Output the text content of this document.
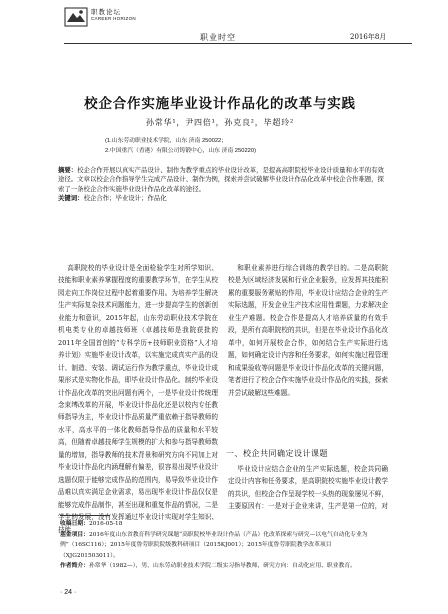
职教论坛
CAREER HORIZON
职业时空	2016年8月
校企合作实施毕业设计作品化的改革与实践
孙常华¹，尹四倍¹，孙克良²，毕超玲²
(1.山东劳动职业技术学院，山东 济南 250022；
2.中国重汽（香港）有限公司铸锻中心，山东 济南 250220)
摘要：校企合作开展以真实产品设计、制作为教学重点的毕业设计改革，是提高高职院校毕业设计质量和水平的有效途径。文章以校企合作指导学生完成产品设计、制作为例，探索并尝试破解毕业设计作品化改革中校企合作难题，探索了一条校企合作实施毕业设计作品化改革的途径。
关键词：校企合作；毕业设计；作品化

高职院校的毕业设计是全面检验学生对所学知识、技能和职业素养掌握程度的重要教学环节，在学生从校园走向工作岗位过程中起着重要作用。为培养学生解决生产实际复杂技术问题能力，进一步提高学生的创新创业能力和意识，2015年起，山东劳动职业技术学院在机电类专业的卓越技师班（卓越技师是我院获批的2011年全国首创的“专科学历+技师职业资格”人才培养计划）实施毕业设计改革，以实施完成真实产品的设计、制造、安装、调试运行作为教学重点，毕业设计成果形式是实物化作品，即毕业设计作品化。制约毕业设计作品化改革的突出问题有两个，一是毕业设计传统理念束缚改革的开展，毕业设计作品化还是以校内专任教师指导为主，毕业设计作品质量严重依赖于指导教师的水平，高水平的一体化教师指导作品的质量和水平较高，但随着卓越技师学生规模的扩大和参与指导教师数量的增加，指导教师的技术背景和研究方向不同加上对毕业设计作品化内涵理解有偏差，很容易出现毕业设计选题仅限于能够完成作品的范围内，易导致毕业设计作品难以真实满足企业需求，易出现毕业设计作品仅仅是能够完成作品制作，甚至出现和重复作品的情况，二是学生的发展，没有发挥通过毕业设计实现对学生知识、技能

和职业素养进行综合训练的教学目的。二是高职院校是为区域经济发展和行业企业服务，应发挥其技能积累的重要服务紧贴的作用，毕业设计应结合企业的生产实际选题，开发企业生产技术应用性课题，力求解决企业生产难题。校企合作是提高人才培养质量的有效手段，是所有高职院校的共识，但是在毕业设计作品化改革中，如何开展校企合作，如何结合生产实际进行选题，如何确定设计内容和任务要求，如何实施过程管理和成果验收等问题是毕业设计作品化改革的关键问题，笔者进行了校企合作实施毕业设计作品化的实践，探索并尝试破解这些难题。

一、校企共同确定设计课题

毕业设计应结合企业的生产实际选题，校企共同确定设计内容和任务要求，是高职院校实施毕业设计教学的共识，但校企合作呈现学校一头热的现象屡见不鲜，主要原因有：一是对于企业来讲，生产是第一位的，对

收稿日期：2016-05-18
基金项目：2016年度山东省教育科学研究课题“高职院校毕业设计作品（产品）化改革探索与研究—以电气自动化专业为例”（16SC116）；2015年度鲁劳职院院级教科研项目（2015KJ001）；2015年度鲁劳职院教学改革项目（XJG201503011）。
作者简介：孙常华（1982—），男，山东劳动职业技术学院二级实习指导教师，研究方向：自动化应用、职业教育。
· 24 ·
